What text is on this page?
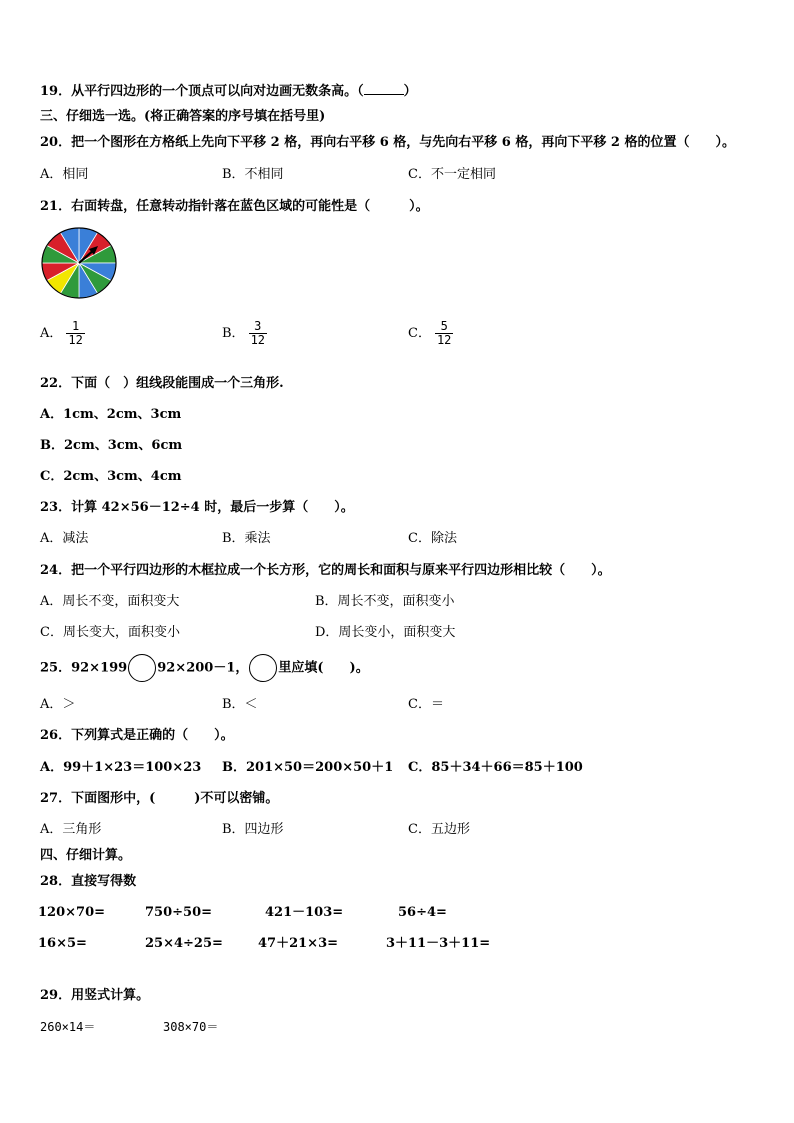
19．从平行四边形的一个顶点可以向对边画无数条高。（	）
三、仔细选一选。(将正确答案的序号填在括号里)
20．把一个图形在方格纸上先向下平移 2 格，再向右平移 6 格，与先向右平移 6 格，再向下平移 2 格的位置（　　）。
A．相同	B．不相同	C．不一定相同
21．右面转盘，任意转动指针落在蓝色区域的可能性是（　　　）。
A． $\frac{1}{12}$	B． $\frac{3}{12}$	C． $\frac{5}{12}$
22．下面（　）组线段能围成一个三角形.
A．1cm、2cm、3cm
B．2cm、3cm、6cm
C．2cm、3cm、4cm
23．计算 42×56－12÷4 时，最后一步算（　　）。
A．减法	B．乘法	C．除法
24．把一个平行四边形的木框拉成一个长方形，它的周长和面积与原来平行四边形相比较（　　）。
A．周长不变，面积变大	B．周长不变，面积变小
C．周长变大，面积变小	D．周长变小，面积变大
25．92×199 92×200－1， 里应填(　　)。
A．＞	B．＜	C．＝
26．下列算式是正确的（　　）。
A．99＋1×23＝100×23 B．201×50＝200×50＋1 C．85＋34＋66＝85＋100
27．下面图形中，(　　　)不可以密铺。
A．三角形	B．四边形	C．五边形
四、仔细计算。
28．直接写得数
120×70=	750÷50=	421－103=	56÷4=
16×5=	25×4÷25=	47＋21×3=	3＋11－3＋11=
29．用竖式计算。
260×14＝	308×70＝
